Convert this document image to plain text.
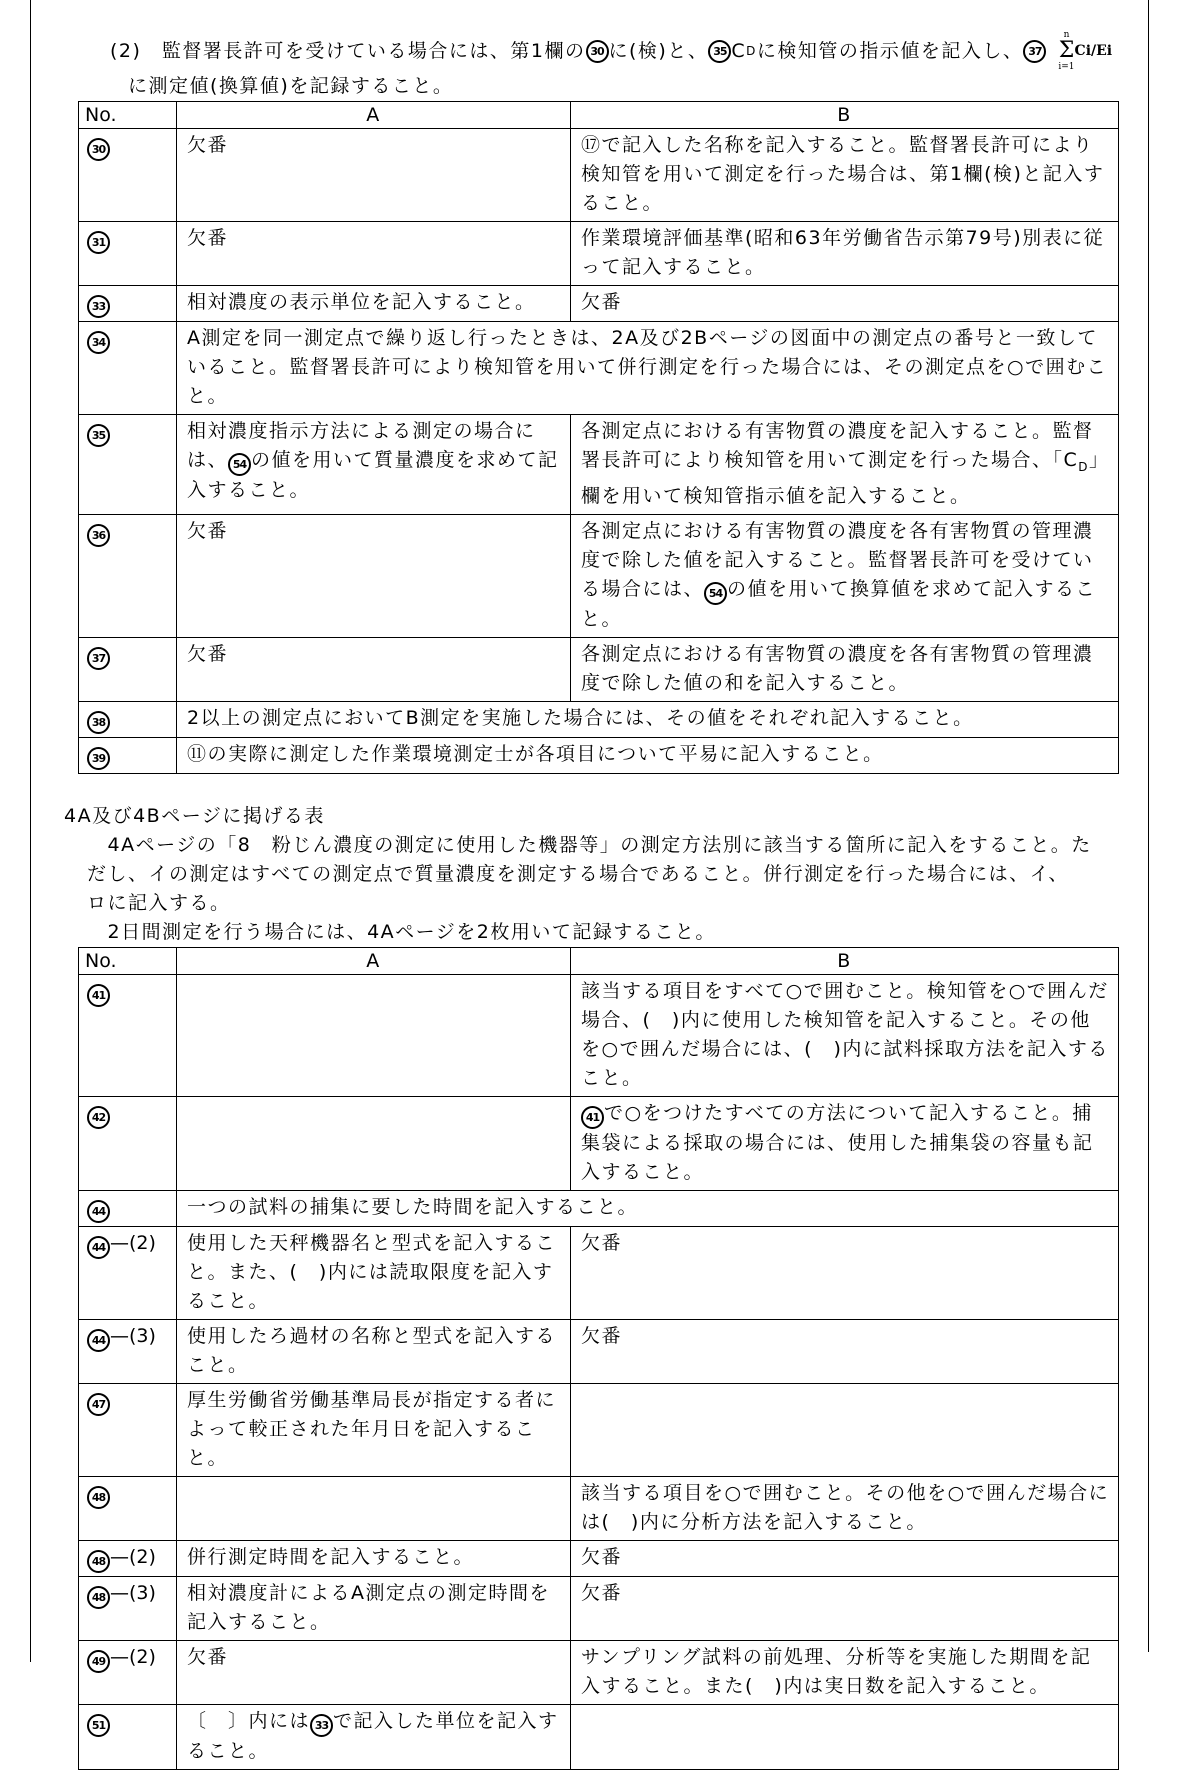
(2)　監督署長許可を受けている場合には、第1欄の 30 に(検)と、 35 C D に検知管の指示値を記入し、 37
n
Σ
i=1
Ci/Ei
に測定値(換算値)を記録すること。
No.	A	B
30	欠番	⑰で記入した名称を記入すること。監督署長許可により検知管を用いて測定を行った場合は、第1欄(検)と記入すること。
31	欠番	作業環境評価基準(昭和63年労働省告示第79号)別表に従って記入すること。
33	相対濃度の表示単位を記入すること。	欠番
34	A測定を同一測定点で繰り返し行ったときは、2A及び2Bページの図面中の測定点の番号と一致していること。監督署長許可により検知管を用いて併行測定を行った場合には、その測定点を○で囲むこと。	
35	相対濃度指示方法による測定の場合には、 54 の値を用いて質量濃度を求めて記入すること。	各測定点における有害物質の濃度を記入すること。監督署長許可により検知管を用いて測定を行った場合、「$C_D$」欄を用いて検知管指示値を記入すること。
36	欠番	各測定点における有害物質の濃度を各有害物質の管理濃度で除した値を記入すること。監督署長許可を受けている場合には、 54 の値を用いて換算値を求めて記入すること。
37	欠番	各測定点における有害物質の濃度を各有害物質の管理濃度で除した値の和を記入すること。
38	2以上の測定点においてB測定を実施した場合には、その値をそれぞれ記入すること。	
39	⑪の実際に測定した作業環境測定士が各項目について平易に記入すること。	
4A及び4Bページに掲げる表
　4Aページの「8　粉じん濃度の測定に使用した機器等」の測定方法別に該当する箇所に記入をすること。た
だし、イの測定はすべての測定点で質量濃度を測定する場合であること。併行測定を行った場合には、イ、
ロに記入する。
　2日間測定を行う場合には、4Aページを2枚用いて記録すること。
No.	A	B
41		該当する項目をすべて○で囲むこと。検知管を○で囲んだ場合、(　)内に使用した検知管を記入すること。その他を○で囲んだ場合には、(　)内に試料採取方法を記入すること。
42		41 で○をつけたすべての方法について記入すること。捕集袋による採取の場合には、使用した捕集袋の容量も記入すること。
44	一つの試料の捕集に要した時間を記入すること。	
44 —(2)	使用した天秤機器名と型式を記入すること。また、(　)内には読取限度を記入すること。	欠番
44 —(3)	使用したろ過材の名称と型式を記入すること。	欠番
47	厚生労働省労働基準局長が指定する者によって較正された年月日を記入すること。	
48		該当する項目を○で囲むこと。その他を○で囲んだ場合には(　)内に分析方法を記入すること。
48 —(2)	併行測定時間を記入すること。	欠番
48 —(3)	相対濃度計によるA測定点の測定時間を記入すること。	欠番
49 —(2)	欠番	サンプリング試料の前処理、分析等を実施した期間を記入すること。また(　)内は実日数を記入すること。
51	〔　〕内には 33 で記入した単位を記入すること。	
